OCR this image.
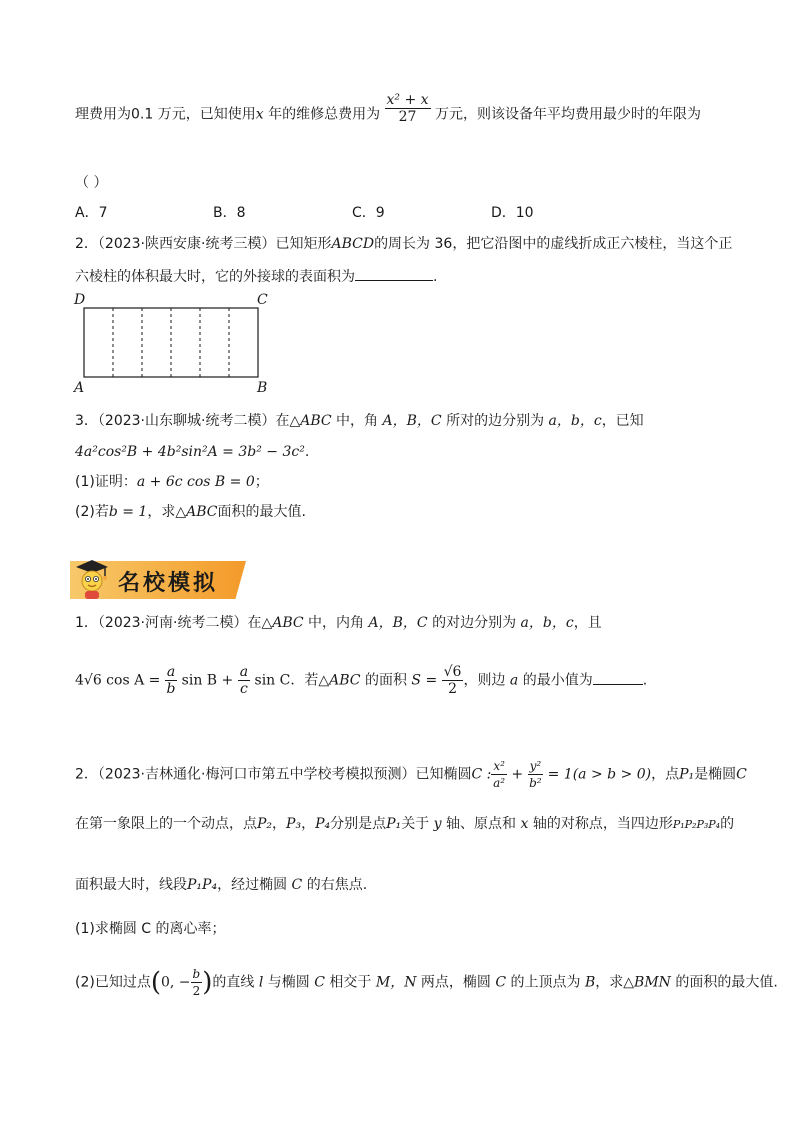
理费用为0.1 万元，已知使用x 年的维修总费用为 $\frac{\text{x² + x}}{27}$ 万元，则该设备年平均费用最少时的年限为
（ ）
A．7	B．8	C．9	D．10
2．（2023·陕西安康·统考三模）已知矩形ABCD的周长为 36，把它沿图中的虚线折成正六棱柱，当这个正
六棱柱的体积最大时，它的外接球的表面积为	.
D	C
A	B
3．（2023·山东聊城·统考二模）在△ABC 中，角 A，B，C 所对的边分别为 a，b，c，已知
4a²cos²B + 4b²sin²A = 3b² − 3c².
(1)证明：a + 6c cos B = 0；
(2)若b = 1，求△ABC面积的最大值.
名校模拟
1．（2023·河南·统考二模）在△ABC 中，内角 A，B，C 的对边分别为 a，b，c，且
4√6 $\cos A = \frac{a}{b}$ $\sin B + \frac{a}{c}$ sin C．若△ABC 的面积 $S = \frac{√6}{2}$ ，则边 a 的最小值为	.
2．（2023·吉林通化·梅河口市第五中学校考模拟预测）已知椭圆C : $\frac{\text{x²}}{\text{a²}} + \frac{\text{y²}}{\text{b²}} = 1(a > b > 0)$，点P₁是椭圆C
在第一象限上的一个动点，点P₂，P₃，P₄分别是点P₁关于 y 轴、原点和 x 轴的对称点，当四边形P₁P₂P₃P₄的
面积最大时，线段P₁P₄，经过椭圆 C 的右焦点.
(1)求椭圆 C 的离心率；
(2)已知过点(0, − $\frac{b}{2}$ )的直线 l 与椭圆 C 相交于 M，N 两点，椭圆 C 的上顶点为 B，求△BMN 的面积的最大值.
